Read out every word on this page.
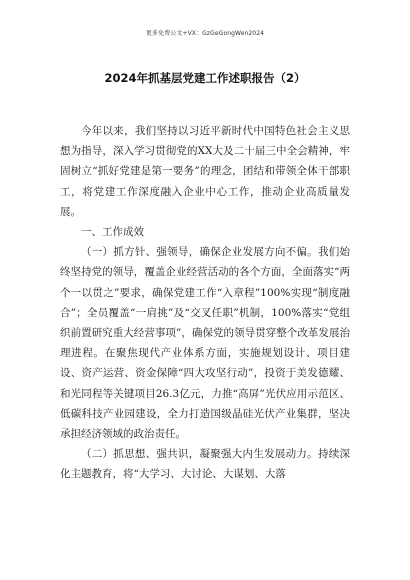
更多免费公文+VX：GzGeGongWen2024
2024年抓基层党建工作述职报告（2）

今年以来，我们坚持以习近平新时代中国特色社会主义思想为指导，深入学习贯彻党的XX大及二十届三中全会精神，牢固树立“抓好党建是第一要务”的理念，团结和带领全体干部职工，将党建工作深度融入企业中心工作，推动企业高质量发展。

一、工作成效

（一）抓方针、强领导，确保企业发展方向不偏。我们始终坚持党的领导，覆盖企业经营活动的各个方面，全面落实“两个一以贯之”要求，确保党建工作“入章程”100%实现“制度融合”；全员覆盖“一肩挑”及“交叉任职”机制，100%落实“党组织前置研究重大经营事项”，确保党的领导贯穿整个改革发展治理进程。在聚焦现代产业体系方面，实施规划设计、项目建设、资产运营、资金保障“四大攻坚行动”，投资于美发德耀、和光同程等关键项目26.3亿元，力推“高屏”光伏应用示范区、低碳科技产业园建设，全力打造国级晶硅光伏产业集群，坚决承担经济领域的政治责任。

（二）抓思想、强共识，凝聚强大内生发展动力。持续深化主题教育，将“大学习、大讨论、大谋划、大落
